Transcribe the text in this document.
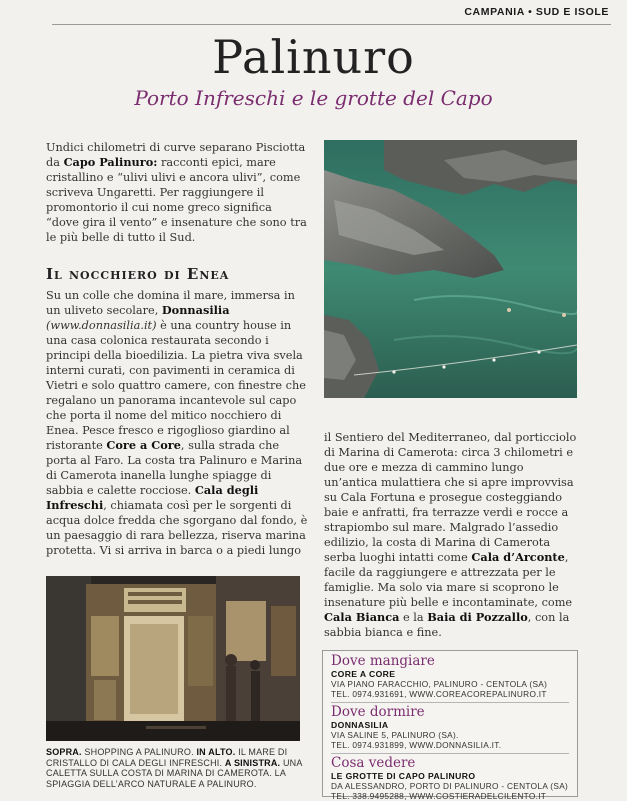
CAMPANIA • SUD E ISOLE
Palinuro
Porto Infreschi e le grotte del Capo
Undici chilometri di curve separano Pisciotta da Capo Palinuro: racconti epici, mare cristallino e “ulivi ulivi e ancora ulivi”, come scriveva Ungaretti. Per raggiungere il promontorio il cui nome greco significa “dove gira il vento” e insenature che sono tra le più belle di tutto il Sud.
Il nocchiero di Enea
Su un colle che domina il mare, immersa in un uliveto secolare, Donnasilia (www.donnasilia.it) è una country house in una casa colonica restaurata secondo i principi della bioedilizia. La pietra viva svela interni curati, con pavimenti in ceramica di Vietri e solo quattro camere, con finestre che regalano un panorama incantevole sul capo che porta il nome del mitico nocchiero di Enea. Pesce fresco e rigoglioso giardino al ristorante Core a Core, sulla strada che porta al Faro. La costa tra Palinuro e Marina di Camerota inanella lunghe spiagge di sabbia e calette rocciose. Cala degli Infreschi, chiamata così per le sorgenti di acqua dolce fredda che sgorgano dal fondo, è un paesaggio di rara bellezza, riserva marina protetta. Vi si arriva in barca o a piedi lungo
il Sentiero del Mediterraneo, dal porticciolo di Marina di Camerota: circa 3 chilometri e due ore e mezza di cammino lungo un’antica mulattiera che si apre improvvisa su Cala Fortuna e prosegue costeggiando baie e anfratti, fra terrazze verdi e rocce a strapiombo sul mare. Malgrado l’assedio edilizio, la costa di Marina di Camerota serba luoghi intatti come Cala d’Arconte, facile da raggiungere e attrezzata per le famiglie. Ma solo via mare si scoprono le insenature più belle e incontaminate, come Cala Bianca e la Baia di Pozzallo, con la sabbia bianca e fine.
SOPRA. SHOPPING A PALINURO. IN ALTO. IL MARE DI CRISTALLO DI CALA DEGLI INFRESCHI. A SINISTRA. UNA CALETTA SULLA COSTA DI MARINA DI CAMEROTA. LA SPIAGGIA DELL’ARCO NATURALE A PALINURO.
Dove mangiare
CORE A CORE
VIA PIANO FARACCHIO, PALINURO - CENTOLA (SA)
TEL. 0974.931691, WWW.COREACOREPALINURO.IT
Dove dormire
DONNASILIA
VIA SALINE 5, PALINURO (SA).
TEL. 0974.931899, WWW.DONNASILIA.IT.
Cosa vedere
LE GROTTE DI CAPO PALINURO
DA ALESSANDRO, PORTO DI PALINURO - CENTOLA (SA)
TEL. 338.9495288, WWW.COSTIERADELCILENTO.IT
